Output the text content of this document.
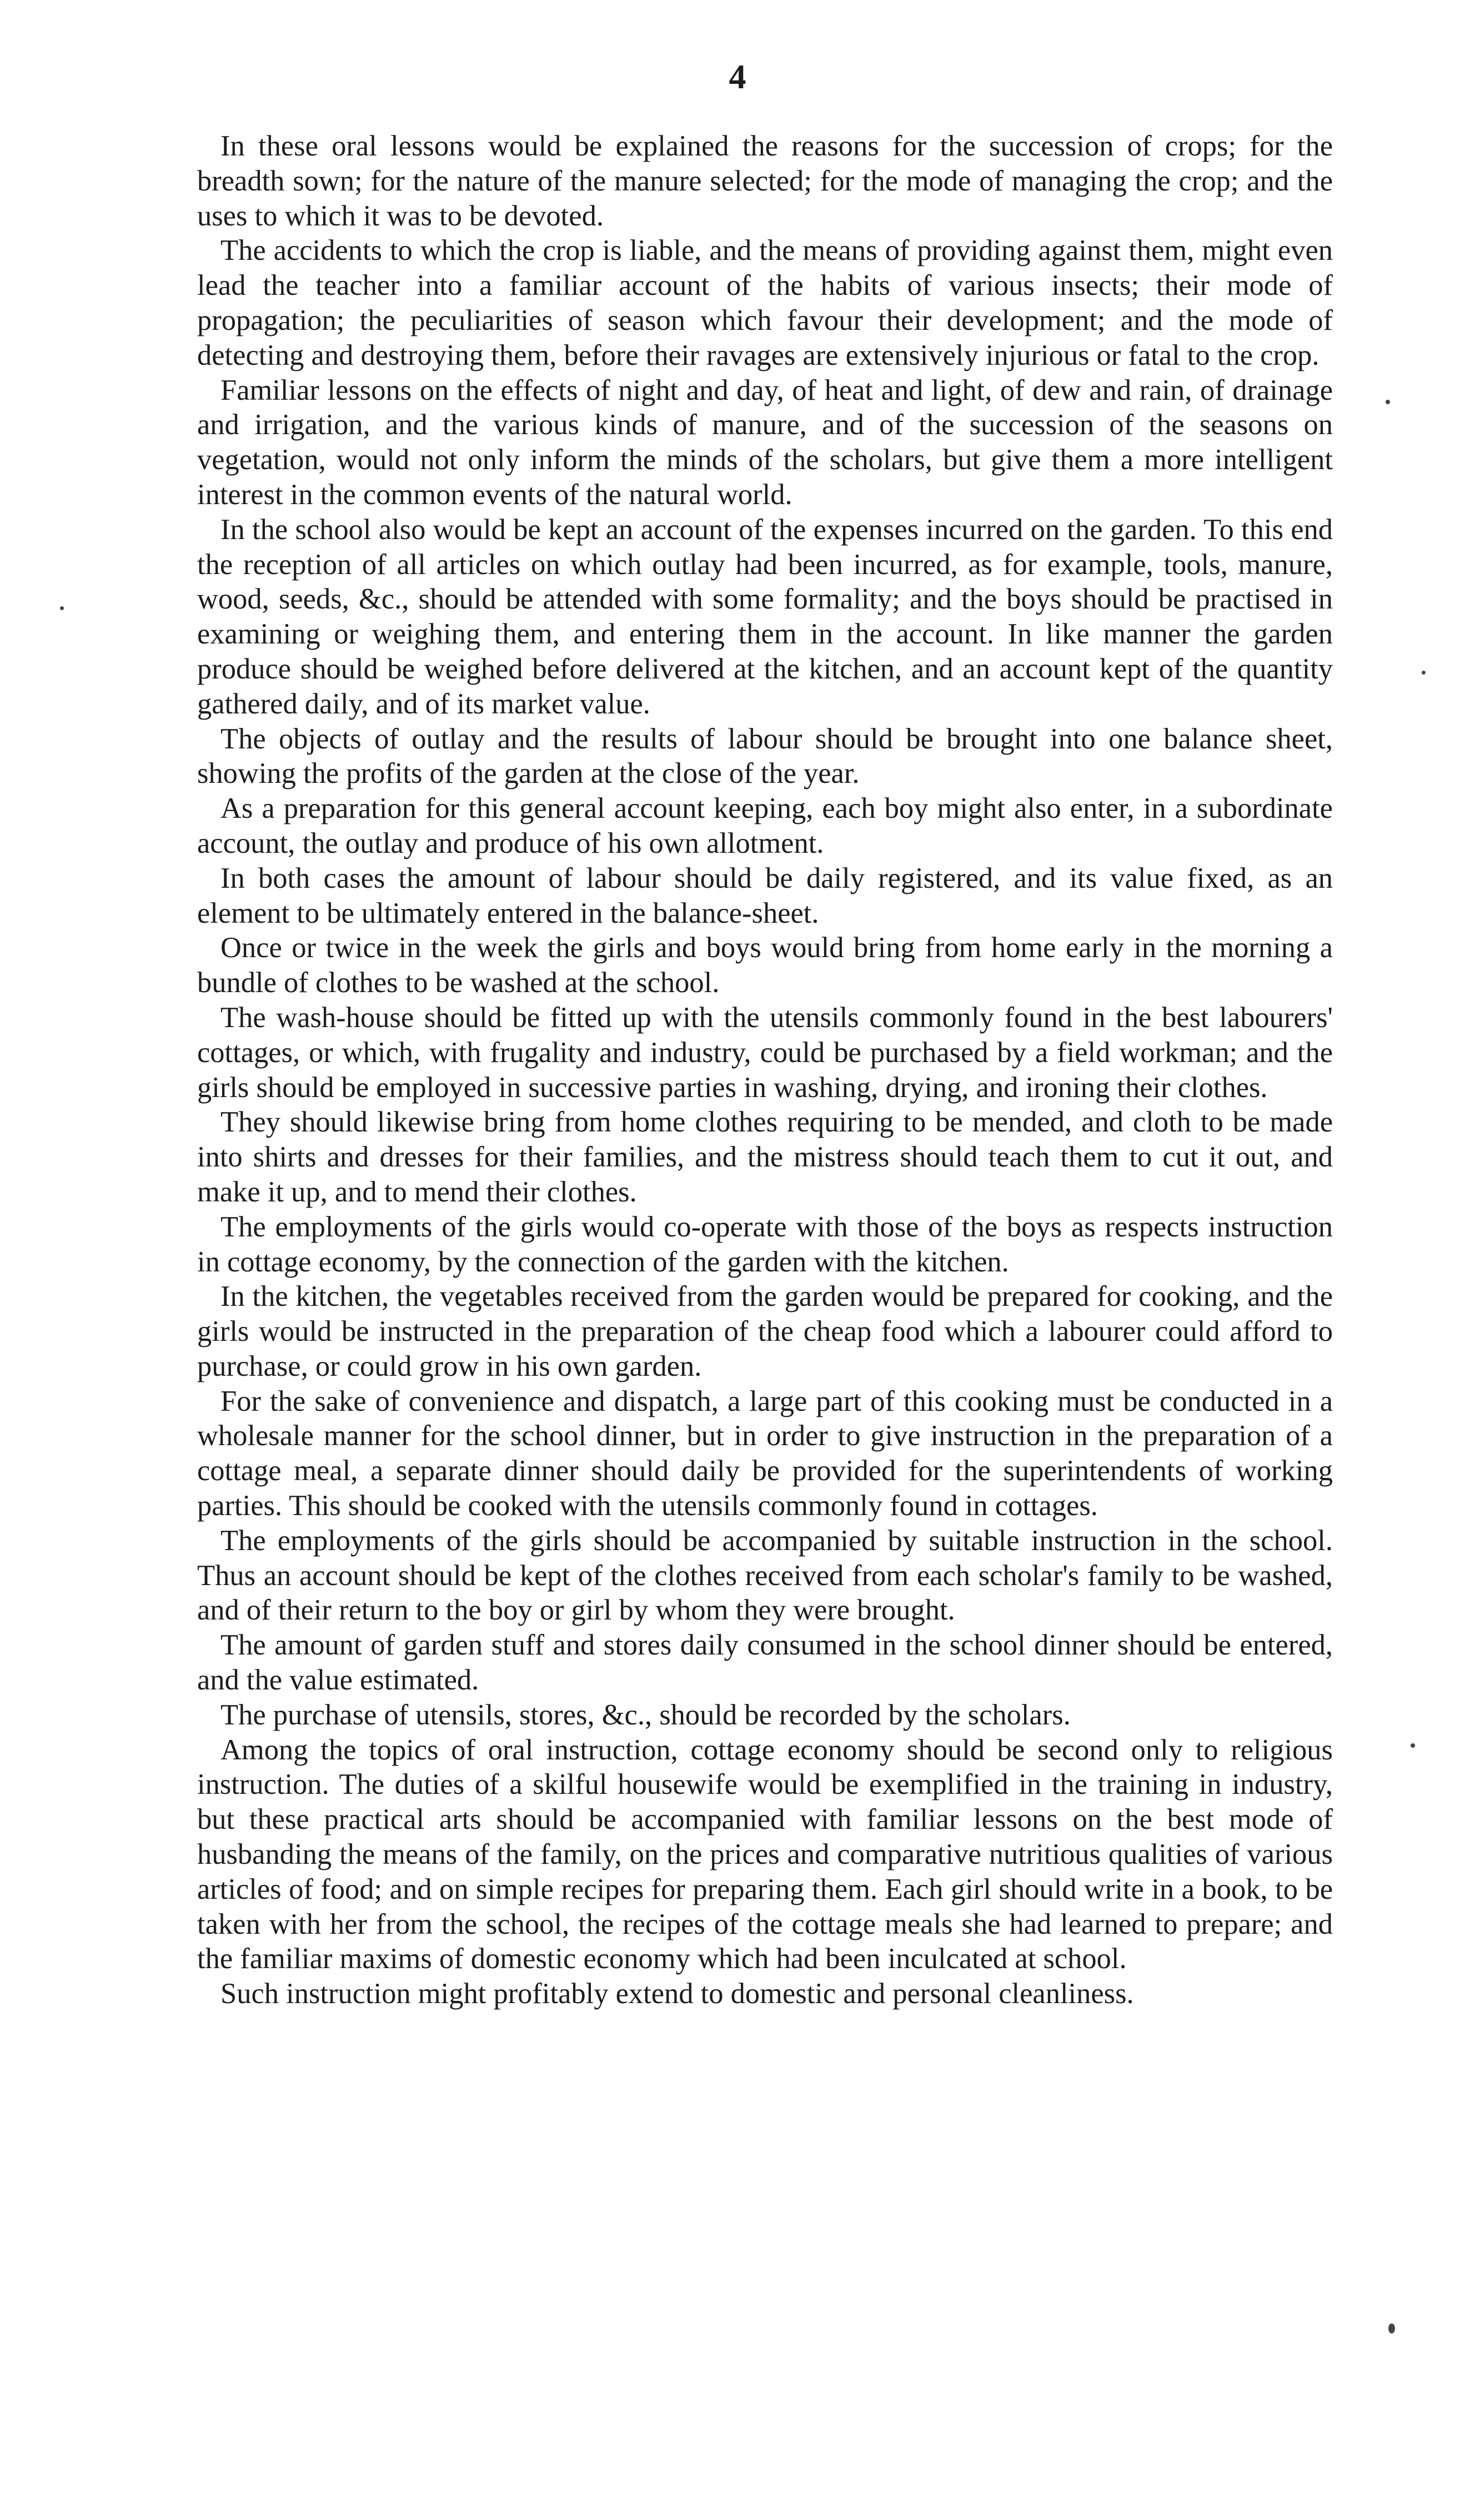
4

In these oral lessons would be explained the reasons for the succession of crops; for the breadth sown; for the nature of the manure selected; for the mode of managing the crop; and the uses to which it was to be devoted.

The accidents to which the crop is liable, and the means of providing against them, might even lead the teacher into a familiar account of the habits of various insects; their mode of propagation; the peculiarities of season which favour their development; and the mode of detecting and destroying them, before their ravages are extensively injurious or fatal to the crop.

Familiar lessons on the effects of night and day, of heat and light, of dew and rain, of drainage and irrigation, and the various kinds of manure, and of the succession of the seasons on vegetation, would not only inform the minds of the scholars, but give them a more intelligent interest in the common events of the natural world.

In the school also would be kept an account of the expenses incurred on the garden. To this end the reception of all articles on which outlay had been incurred, as for example, tools, manure, wood, seeds, &c., should be attended with some formality; and the boys should be practised in examining or weighing them, and entering them in the account. In like manner the garden produce should be weighed before delivered at the kitchen, and an account kept of the quantity gathered daily, and of its market value.

The objects of outlay and the results of labour should be brought into one balance sheet, showing the profits of the garden at the close of the year.

As a preparation for this general account keeping, each boy might also enter, in a subordinate account, the outlay and produce of his own allotment.

In both cases the amount of labour should be daily registered, and its value fixed, as an element to be ultimately entered in the balance-sheet.

Once or twice in the week the girls and boys would bring from home early in the morning a bundle of clothes to be washed at the school.

The wash-house should be fitted up with the utensils commonly found in the best labourers' cottages, or which, with frugality and industry, could be purchased by a field workman; and the girls should be employed in successive parties in washing, drying, and ironing their clothes.

They should likewise bring from home clothes requiring to be mended, and cloth to be made into shirts and dresses for their families, and the mistress should teach them to cut it out, and make it up, and to mend their clothes.

The employments of the girls would co-operate with those of the boys as respects instruction in cottage economy, by the connection of the garden with the kitchen.

In the kitchen, the vegetables received from the garden would be prepared for cooking, and the girls would be instructed in the preparation of the cheap food which a labourer could afford to purchase, or could grow in his own garden.

For the sake of convenience and dispatch, a large part of this cooking must be conducted in a wholesale manner for the school dinner, but in order to give instruction in the preparation of a cottage meal, a separate dinner should daily be provided for the superintendents of working parties. This should be cooked with the utensils commonly found in cottages.

The employments of the girls should be accompanied by suitable instruction in the school. Thus an account should be kept of the clothes received from each scholar's family to be washed, and of their return to the boy or girl by whom they were brought.

The amount of garden stuff and stores daily consumed in the school dinner should be entered, and the value estimated.

The purchase of utensils, stores, &c., should be recorded by the scholars.

Among the topics of oral instruction, cottage economy should be second only to religious instruction. The duties of a skilful housewife would be exemplified in the training in industry, but these practical arts should be accompanied with familiar lessons on the best mode of husbanding the means of the family, on the prices and comparative nutritious qualities of various articles of food; and on simple recipes for preparing them. Each girl should write in a book, to be taken with her from the school, the recipes of the cottage meals she had learned to prepare; and the familiar maxims of domestic economy which had been inculcated at school.

Such instruction might profitably extend to domestic and personal cleanliness.
